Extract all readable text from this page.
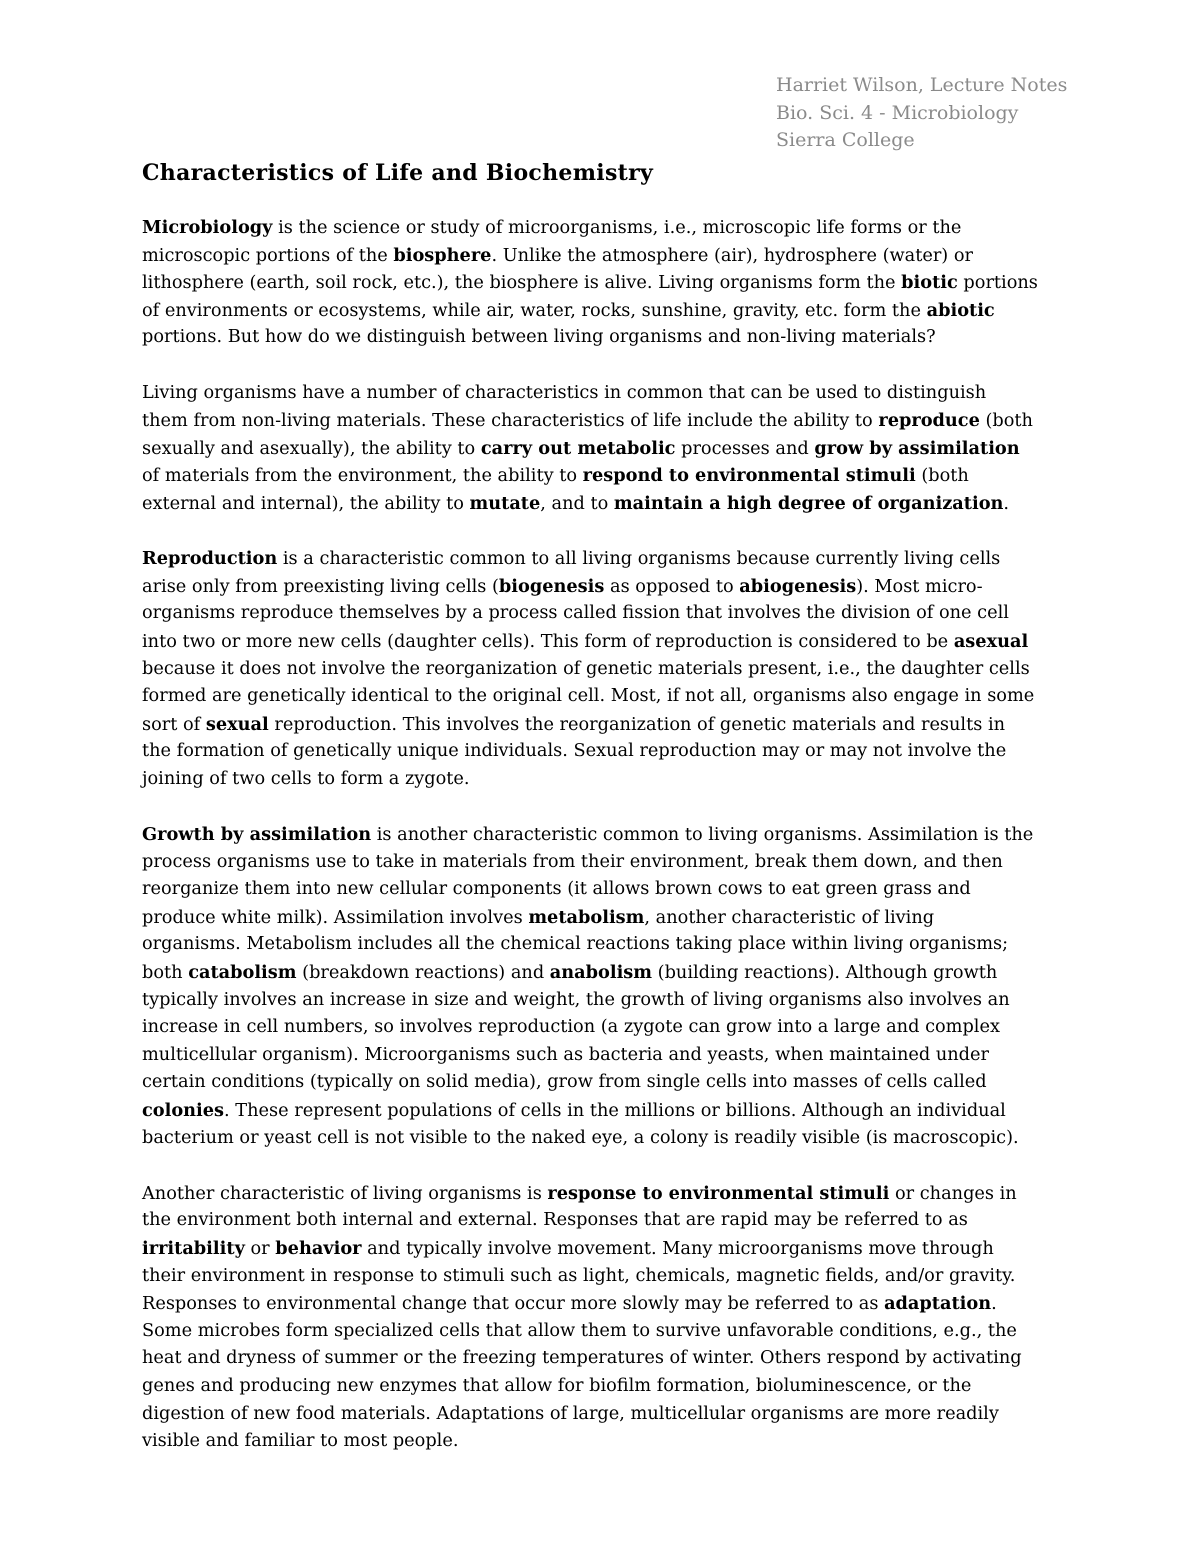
Harriet Wilson, Lecture Notes
Bio. Sci. 4 - Microbiology
Sierra College
Characteristics of Life and Biochemistry

Microbiology is the science or study of microorganisms, i.e., microscopic life forms or the
microscopic portions of the biosphere. Unlike the atmosphere (air), hydrosphere (water) or
lithosphere (earth, soil rock, etc.), the biosphere is alive. Living organisms form the biotic portions
of environments or ecosystems, while air, water, rocks, sunshine, gravity, etc. form the abiotic
portions. But how do we distinguish between living organisms and non-living materials?

Living organisms have a number of characteristics in common that can be used to distinguish
them from non-living materials. These characteristics of life include the ability to reproduce (both
sexually and asexually), the ability to carry out metabolic processes and grow by assimilation
of materials from the environment, the ability to respond to environmental stimuli (both
external and internal), the ability to mutate, and to maintain a high degree of organization.

Reproduction is a characteristic common to all living organisms because currently living cells
arise only from preexisting living cells (biogenesis as opposed to abiogenesis). Most micro-
organisms reproduce themselves by a process called fission that involves the division of one cell
into two or more new cells (daughter cells). This form of reproduction is considered to be asexual
because it does not involve the reorganization of genetic materials present, i.e., the daughter cells
formed are genetically identical to the original cell. Most, if not all, organisms also engage in some
sort of sexual reproduction. This involves the reorganization of genetic materials and results in
the formation of genetically unique individuals. Sexual reproduction may or may not involve the
joining of two cells to form a zygote.

Growth by assimilation is another characteristic common to living organisms. Assimilation is the
process organisms use to take in materials from their environment, break them down, and then
reorganize them into new cellular components (it allows brown cows to eat green grass and
produce white milk). Assimilation involves metabolism, another characteristic of living
organisms. Metabolism includes all the chemical reactions taking place within living organisms;
both catabolism (breakdown reactions) and anabolism (building reactions). Although growth
typically involves an increase in size and weight, the growth of living organisms also involves an
increase in cell numbers, so involves reproduction (a zygote can grow into a large and complex
multicellular organism). Microorganisms such as bacteria and yeasts, when maintained under
certain conditions (typically on solid media), grow from single cells into masses of cells called
colonies. These represent populations of cells in the millions or billions. Although an individual
bacterium or yeast cell is not visible to the naked eye, a colony is readily visible (is macroscopic).

Another characteristic of living organisms is response to environmental stimuli or changes in
the environment both internal and external. Responses that are rapid may be referred to as
irritability or behavior and typically involve movement. Many microorganisms move through
their environment in response to stimuli such as light, chemicals, magnetic fields, and/or gravity.
Responses to environmental change that occur more slowly may be referred to as adaptation.
Some microbes form specialized cells that allow them to survive unfavorable conditions, e.g., the
heat and dryness of summer or the freezing temperatures of winter. Others respond by activating
genes and producing new enzymes that allow for biofilm formation, bioluminescence, or the
digestion of new food materials. Adaptations of large, multicellular organisms are more readily
visible and familiar to most people.
